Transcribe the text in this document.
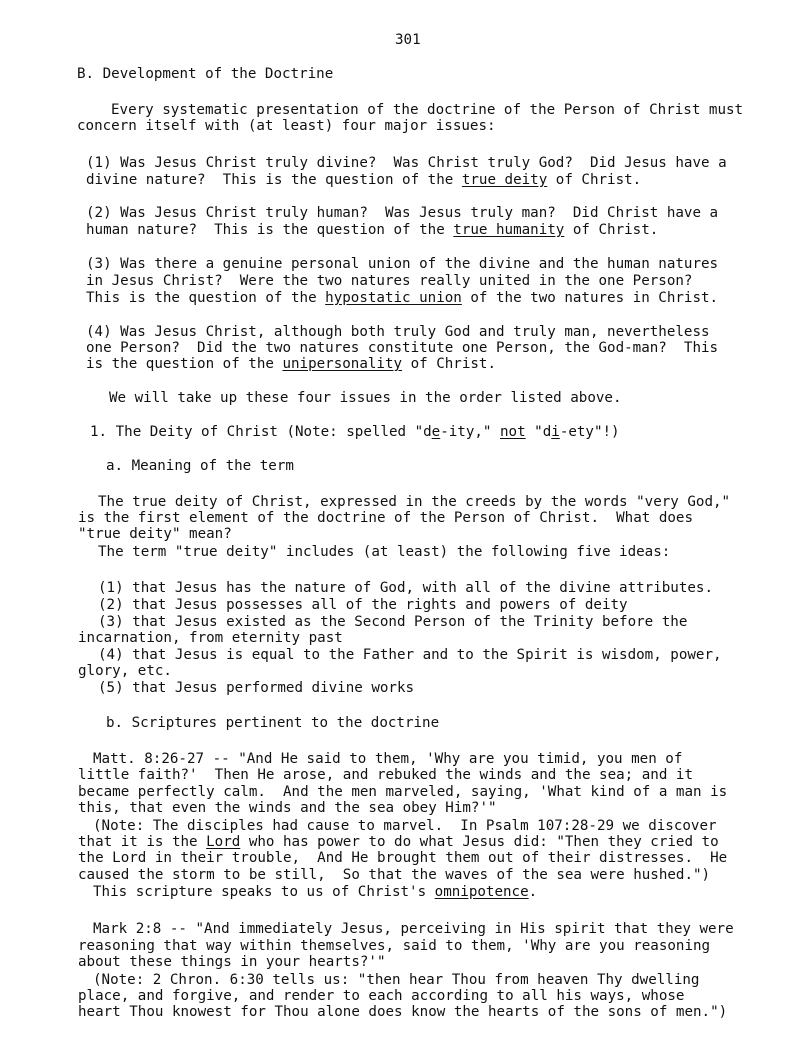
301
B. Development of the Doctrine
Every systematic presentation of the doctrine of the Person of Christ must
concern itself with (at least) four major issues:
(1) Was Jesus Christ truly divine?  Was Christ truly God?  Did Jesus have a
divine nature?  This is the question of the true deity of Christ.
(2) Was Jesus Christ truly human?  Was Jesus truly man?  Did Christ have a
human nature?  This is the question of the true humanity of Christ.
(3) Was there a genuine personal union of the divine and the human natures
in Jesus Christ?  Were the two natures really united in the one Person?
This is the question of the hypostatic union of the two natures in Christ.
(4) Was Jesus Christ, although both truly God and truly man, nevertheless
one Person?  Did the two natures constitute one Person, the God-man?  This
is the question of the unipersonality of Christ.
We will take up these four issues in the order listed above.
1. The Deity of Christ (Note: spelled "de-ity," not "di-ety"!)
a. Meaning of the term
The true deity of Christ, expressed in the creeds by the words "very God,"
is the first element of the doctrine of the Person of Christ.  What does
"true deity" mean?
The term "true deity" includes (at least) the following five ideas:
(1) that Jesus has the nature of God, with all of the divine attributes.
(2) that Jesus possesses all of the rights and powers of deity
(3) that Jesus existed as the Second Person of the Trinity before the
incarnation, from eternity past
(4) that Jesus is equal to the Father and to the Spirit is wisdom, power,
glory, etc.
(5) that Jesus performed divine works
b. Scriptures pertinent to the doctrine
Matt. 8:26-27 -- "And He said to them, 'Why are you timid, you men of
little faith?'  Then He arose, and rebuked the winds and the sea; and it
became perfectly calm.  And the men marveled, saying, 'What kind of a man is
this, that even the winds and the sea obey Him?'"
(Note: The disciples had cause to marvel.  In Psalm 107:28-29 we discover
that it is the Lord who has power to do what Jesus did: "Then they cried to
the Lord in their trouble,  And He brought them out of their distresses.  He
caused the storm to be still,  So that the waves of the sea were hushed.")
This scripture speaks to us of Christ's omnipotence.
Mark 2:8 -- "And immediately Jesus, perceiving in His spirit that they were
reasoning that way within themselves, said to them, 'Why are you reasoning
about these things in your hearts?'"
(Note: 2 Chron. 6:30 tells us: "then hear Thou from heaven Thy dwelling
place, and forgive, and render to each according to all his ways, whose
heart Thou knowest for Thou alone does know the hearts of the sons of men.")
